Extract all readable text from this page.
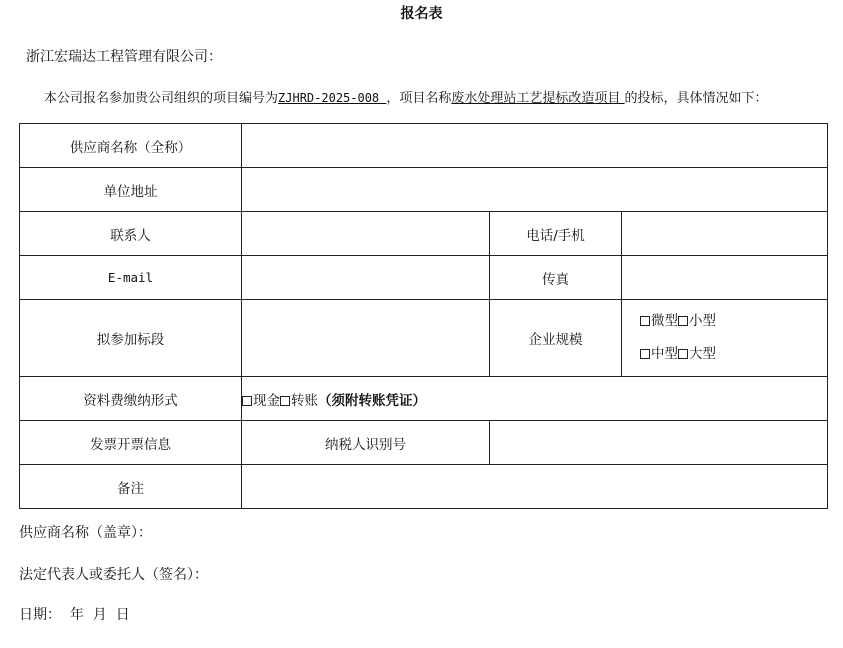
报名表
浙江宏瑞达工程管理有限公司：
本公司报名参加贵公司组织的项目编号为ZJHRD-2025-008 ，项目名称废水处理站工艺提标改造项目 的投标，具体情况如下：
供应商名称（全称）			
单位地址			
联系人		电话/手机	
E-mail		传真	
拟参加标段		企业规模	微型 小型
中型 大型

资料费缴纳形式	现金 转账（须附转账凭证）		
发票开票信息	纳税人识别号		
备注			
供应商名称（盖章）：
法定代表人或委托人（签名）：
日期：  年  月  日
